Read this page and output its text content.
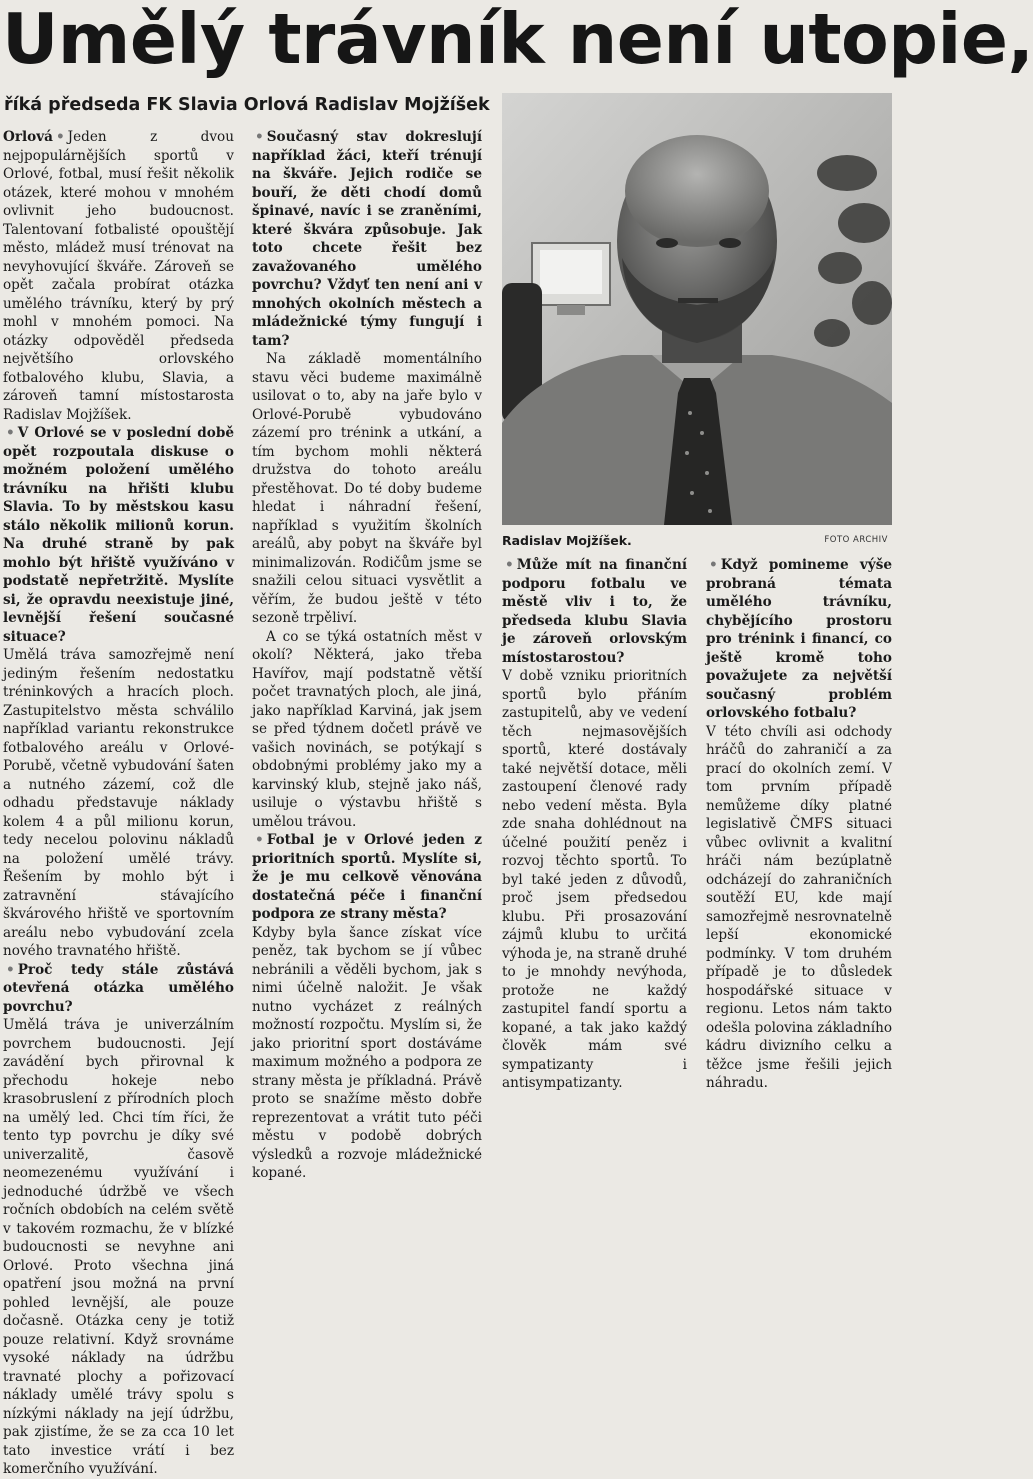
Umělý trávník není utopie,
říká předseda FK Slavia Orlová Radislav Mojžíšek

Orlová • Jeden z dvou nejpopulárnějších sportů v Orlové, fotbal, musí řešit několik otázek, které mohou v mnohém ovlivnit jeho budoucnost. Talentovaní fotbalisté opouštějí město, mládež musí trénovat na nevyhovující škváře. Zároveň se opět začala probírat otázka umělého trávníku, který by prý mohl v mnohém pomoci. Na otázky odpověděl předseda největšího orlovského fotbalového klubu, Slavia, a zároveň tamní místostarosta Radislav Mojžíšek.

• V Orlové se v poslední době opět rozpoutala diskuse o možném položení umělého trávníku na hřišti klubu Slavia. To by městskou kasu stálo několik milionů korun. Na druhé straně by pak mohlo být hřiště využíváno v podstatě nepřetržitě. Myslíte si, že opravdu neexistuje jiné, levnější řešení současné situace?

Umělá tráva samozřejmě není jediným řešením nedostatku tréninkových a hracích ploch. Zastupitelstvo města schválilo například variantu rekonstrukce fotbalového areálu v Orlové-Porubě, včetně vybudování šaten a nutného zázemí, což dle odhadu představuje náklady kolem 4 a půl milionu korun, tedy necelou polovinu nákladů na položení umělé trávy. Řešením by mohlo být i zatravnění stávajícího škvárového hřiště ve sportovním areálu nebo vybudování zcela nového travnatého hřiště.

• Proč tedy stále zůstává otevřená otázka umělého povrchu?

Umělá tráva je univerzálním povrchem budoucnosti. Její zavádění bych přirovnal k přechodu hokeje nebo krasobruslení z přírodních ploch na umělý led. Chci tím říci, že tento typ povrchu je díky své univerzalitě, časově neomezenému využívání i jednoduché údržbě ve všech ročních obdobích na celém světě v takovém rozmachu, že v blízké budoucnosti se nevyhne ani Orlové. Proto všechna jiná opatření jsou možná na první pohled levnější, ale pouze dočasně. Otázka ceny je totiž pouze relativní. Když srovnáme vysoké náklady na údržbu travnaté plochy a pořizovací náklady umělé trávy spolu s nízkými náklady na její údržbu, pak zjistíme, že se za cca 10 let tato investice vrátí i bez komerčního využívání.

• Současný stav dokreslují například žáci, kteří trénují na škváře. Jejich rodiče se bouří, že děti chodí domů špinavé, navíc i se zraněními, které škvára způsobuje. Jak toto chcete řešit bez zavažovaného umělého povrchu? Vždyť ten není ani v mnohých okolních městech a mládežnické týmy fungují i tam?

Na základě momentálního stavu věci budeme maximálně usilovat o to, aby na jaře bylo v Orlové-Porubě vybudováno zázemí pro trénink a utkání, a tím bychom mohli některá družstva do tohoto areálu přestěhovat. Do té doby budeme hledat i náhradní řešení, například s využitím školních areálů, aby pobyt na škváře byl minimalizován. Rodičům jsme se snažili celou situaci vysvětlit a věřím, že budou ještě v této sezoně trpěliví.

A co se týká ostatních měst v okolí? Některá, jako třeba Havířov, mají podstatně větší počet travnatých ploch, ale jiná, jako například Karviná, jak jsem se před týdnem dočetl právě ve vašich novinách, se potýkají s obdobnými problémy jako my a karvinský klub, stejně jako náš, usiluje o výstavbu hřiště s umělou trávou.

• Fotbal je v Orlové jeden z prioritních sportů. Myslíte si, že je mu celkově věnována dostatečná péče i finanční podpora ze strany města?

Kdyby byla šance získat více peněz, tak bychom se jí vůbec nebránili a věděli bychom, jak s nimi účelně naložit. Je však nutno vycházet z reálných možností rozpočtu. Myslím si, že jako prioritní sport dostáváme maximum možného a podpora ze strany města je příkladná. Právě proto se snažíme město dobře reprezentovat a vrátit tuto péči městu v podobě dobrých výsledků a rozvoje mládežnické kopané.

Radislav Mojžíšek.	FOTO ARCHIV

• Může mít na finanční podporu fotbalu ve městě vliv i to, že předseda klubu Slavia je zároveň orlovským místostarostou?

V době vzniku prioritních sportů bylo přáním zastupitelů, aby ve vedení těch nejmasovějších sportů, které dostávaly také největší dotace, měli zastoupení členové rady nebo vedení města. Byla zde snaha dohlédnout na účelné použití peněz i rozvoj těchto sportů. To byl také jeden z důvodů, proč jsem předsedou klubu. Při prosazování zájmů klubu to určitá výhoda je, na straně druhé to je mnohdy nevýhoda, protože ne každý zastupitel fandí sportu a kopané, a tak jako každý člověk mám své sympatizanty i antisympatizanty.

• Když pomineme výše probraná témata umělého trávníku, chybějícího prostoru pro trénink i financí, co ještě kromě toho považujete za největší současný problém orlovského fotbalu?

V této chvíli asi odchody hráčů do zahraničí a za prací do okolních zemí. V tom prvním případě nemůžeme díky platné legislativě ČMFS situaci vůbec ovlivnit a kvalitní hráči nám bezúplatně odcházejí do zahraničních soutěží EU, kde mají samozřejmě nesrovnatelně lepší ekonomické podmínky. V tom druhém případě je to důsledek hospodářské situace v regionu. Letos nám takto odešla polovina základního kádru divizního celku a těžce jsme řešili jejich náhradu.
